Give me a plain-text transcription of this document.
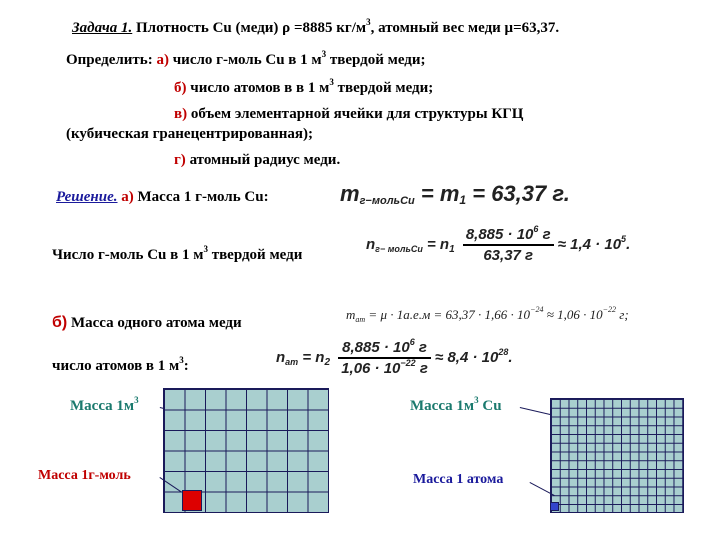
Задача 1. Плотность Cu (меди) ρ =8885 $кг/м^3$, атомный вес меди μ=63,37.
Определить: а) число г-моль Cu в 1 $м^3$ твердой меди;
б) число атомов в в 1 $м^3$ твердой меди;
в) объем элементарной ячейки для структуры КГЦ
(кубическая гранецентрированная);
г) атомный радиус меди.
Решение. а) Масса 1 г-моль Cu:	$m_{г-мольCu} = m_1 = 63,37$ г.
Число г-моль Cu в 1 $м^3$ твердой меди
$n_{г- мольCu} = n_1 \frac{8,885 \cdot 10^6 г}{63,37 г} \approx 1,4 \cdot 10^5$.
б) Масса одного атома меди
$m_{ат} = \mu \cdot 1а.е.м = 63,37 \cdot 1,66 \cdot 10^{-24} \approx 1,06 \cdot 10^{-22}$ г;
число атомов в 1 $м^3$:
$n_{ат} = n_2 \frac{8,885 \cdot 10^6 г}{1,06 \cdot 10^{-22} г} \approx 8,4 \cdot 10^{28}$.
Масса $1м^3$
Масса 1г-моль
Масса $1м^3$ Cu
Масса 1 атома
